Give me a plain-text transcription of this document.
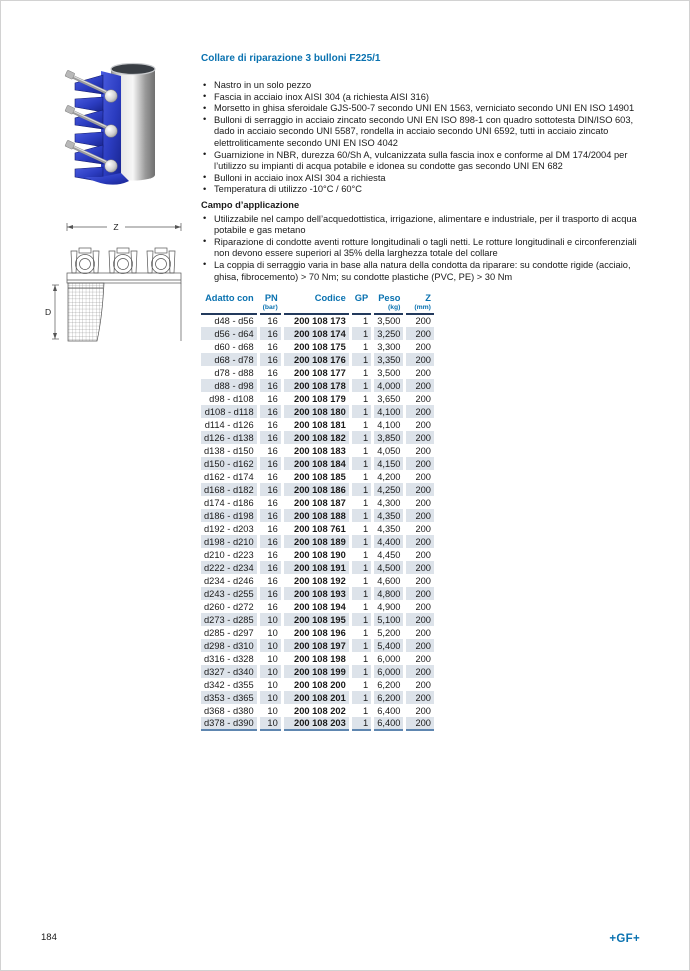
Z
D
Collare di riparazione 3 bulloni F225/1
• Nastro in un solo pezzo
• Fascia in acciaio inox AISI 304 (a richiesta AISI 316)
• Morsetto in ghisa sferoidale GJS-500-7 secondo UNI EN 1563, verniciato secondo UNI EN ISO 14901
• Bulloni di serraggio in acciaio zincato secondo UNI EN ISO 898-1 con quadro sottotesta DIN/ISO 603, dado in acciaio secondo UNI 5587, rondella in acciaio secondo UNI 6592, tutti in acciaio zincato elettroliticamente secondo UNI EN ISO 4042
• Guarnizione in NBR, durezza 60/Sh A, vulcanizzata sulla fascia inox e conforme al DM 174/2004 per l’utilizzo su impianti di acqua potabile e idonea su condotte gas secondo UNI EN 682
• Bulloni in acciaio inox AISI 304 a richiesta
• Temperatura di utilizzo -10°C / 60°C
Campo d’applicazione
• Utilizzabile nel campo dell’acquedottistica, irrigazione, alimentare e industriale, per il trasporto di acqua potabile e gas metano
• Riparazione di condotte aventi rotture longitudinali o tagli netti. Le rotture longitudinali e circonferenziali non devono essere superiori al 35% della larghezza totale del collare
• La coppia di serraggio varia in base alla natura della condotta da riparare: su condotte rigide (acciaio, ghisa, fibrocemento) > 70 Nm; su condotte plastiche (PVC, PE) > 30 Nm
Adatto con	PN	Codice	GP	Peso	Z
	(bar)			(kg)	(mm)
d48 - d56	16	200 108 173	1	3,500	200
d56 - d64	16	200 108 174	1	3,250	200
d60 - d68	16	200 108 175	1	3,300	200
d68 - d78	16	200 108 176	1	3,350	200
d78 - d88	16	200 108 177	1	3,500	200
d88 - d98	16	200 108 178	1	4,000	200
d98 - d108	16	200 108 179	1	3,650	200
d108 - d118	16	200 108 180	1	4,100	200
d114 - d126	16	200 108 181	1	4,100	200
d126 - d138	16	200 108 182	1	3,850	200
d138 - d150	16	200 108 183	1	4,050	200
d150 - d162	16	200 108 184	1	4,150	200
d162 - d174	16	200 108 185	1	4,200	200
d168 - d182	16	200 108 186	1	4,250	200
d174 - d186	16	200 108 187	1	4,300	200
d186 - d198	16	200 108 188	1	4,350	200
d192 - d203	16	200 108 761	1	4,350	200
d198 - d210	16	200 108 189	1	4,400	200
d210 - d223	16	200 108 190	1	4,450	200
d222 - d234	16	200 108 191	1	4,500	200
d234 - d246	16	200 108 192	1	4,600	200
d243 - d255	16	200 108 193	1	4,800	200
d260 - d272	16	200 108 194	1	4,900	200
d273 - d285	10	200 108 195	1	5,100	200
d285 - d297	10	200 108 196	1	5,200	200
d298 - d310	10	200 108 197	1	5,400	200
d316 - d328	10	200 108 198	1	6,000	200
d327 - d340	10	200 108 199	1	6,000	200
d342 - d355	10	200 108 200	1	6,200	200
d353 - d365	10	200 108 201	1	6,200	200
d368 - d380	10	200 108 202	1	6,400	200
d378 - d390	10	200 108 203	1	6,400	200
184	+GF+
